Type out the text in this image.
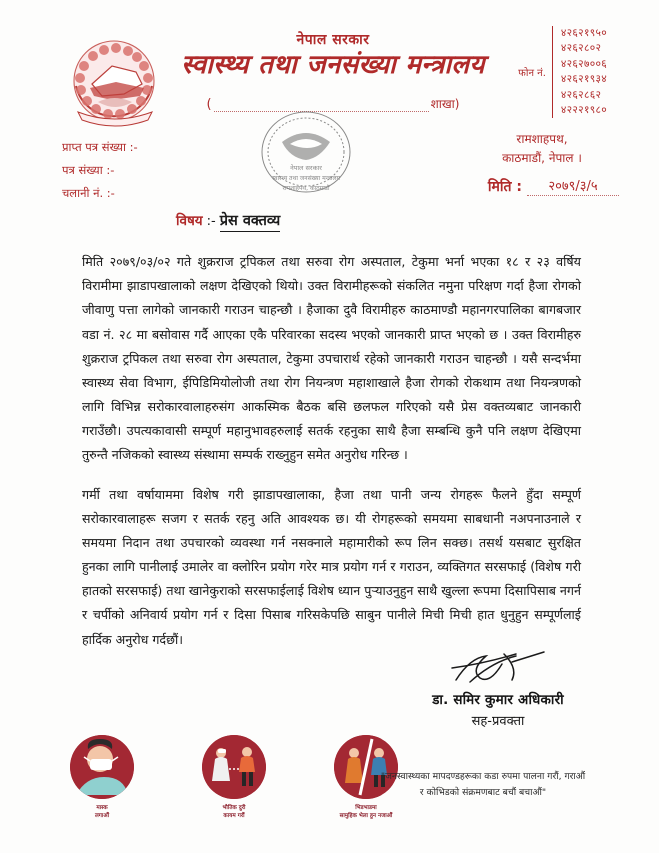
नेपाल सरकार
स्वास्थ्य तथा जनसंख्या मन्त्रालय
(	शाखा)
फोन नं.
४२६२१९५०
४२६२८०२
४२६२७००६
४२६२१९३४
४२६२८६२
४२२२१९८०
नेपाल सरकार
स्वास्थ्य तथा जनसंख्या मन्त्रालय
रामशाहपथ, काठमाडौं
प्राप्त पत्र संख्या :-
पत्र संख्या :-
चलानी नं. :-
रामशाहपथ,
काठमाडौं, नेपाल ।
मिति :	२०७९/३/५
विषय :- प्रेस वक्तव्य

मिति २०७९/०३/०२ गते शुक्रराज ट्रपिकल तथा सरुवा रोग अस्पताल, टेकुमा भर्ना भएका १८ र २३ वर्षिय विरामीमा झाडापखालाको लक्षण देखिएको थियो। उक्त विरामीहरूको संकलित नमुना परिक्षण गर्दा हैजा रोगको जीवाणु पत्ता लागेको जानकारी गराउन चाहन्छौ । हैजाका दुवै विरामीहरु काठमाण्डौ महानगरपालिका बागबजार वडा नं. २८ मा बसोवास गर्दै आएका एकै परिवारका सदस्य भएको जानकारी प्राप्त भएको छ । उक्त विरामीहरु शुक्रराज ट्रपिकल तथा सरुवा रोग अस्पताल, टेकुमा उपचारार्थ रहेको जानकारी गराउन चाहन्छौ । यसै सन्दर्भमा स्वास्थ्य सेवा विभाग, ईपिडिमियोलोजी तथा रोग नियन्त्रण महाशाखाले हैजा रोगको रोकथाम तथा नियन्त्रणको लागि विभिन्न सरोकारवालाहरुसंग आकस्मिक बैठक बसि छलफल गरिएको यसै प्रेस वक्तव्यबाट जानकारी गराउँछौ। उपत्यकावासी सम्पूर्ण महानुभावहरुलाई सतर्क रहनुका साथै हैजा सम्बन्धि कुनै पनि लक्षण देखिएमा तुरुन्तै नजिकको स्वास्थ्य संस्थामा सम्पर्क राख्नुहुन समेत अनुरोध गरिन्छ ।

गर्मी तथा वर्षायाममा विशेष गरी झाडापखालाका, हैजा तथा पानी जन्य रोगहरू फैलने हुँदा सम्पूर्ण सरोकारवालाहरू सजग र सतर्क रहनु अति आवश्यक छ। यी रोगहरूको समयमा साबधानी नअपनाउनाले र समयमा निदान तथा उपचारको व्यवस्था गर्न नसक्नाले महामारीको रूप लिन सक्छ। तसर्थ यसबाट सुरक्षित हुनका लागि पानीलाई उमालेर वा क्लोरिन प्रयोग गरेर मात्र प्रयोग गर्न र गराउन, व्यक्तिगत सरसफाई (विशेष गरी हातको सरसफाई) तथा खानेकुराको सरसफाईलाई विशेष ध्यान पुर्‍याउनुहुन साथै खुल्ला रूपमा दिसापिसाब नगर्न र चर्पीको अनिवार्य प्रयोग गर्न र दिसा पिसाब गरिसकेपछि साबुन पानीले मिची मिची हात धुनुहुन सम्पूर्णलाई हार्दिक अनुरोध गर्दछौं।

डा. समिर कुमार अधिकारी
सह-प्रवक्ता
मास्क
लगाऔं
भौतिक दुरी
कायम गरौं
भिडभाडमा
सामुहिक भेला हुन नजाऔं
"जनस्वास्थ्यका मापदण्डहरूका कडा रुपमा पालना गरौं, गराऔं
र कोभिडको संक्रमणबाट बचौं बचाऔं"
